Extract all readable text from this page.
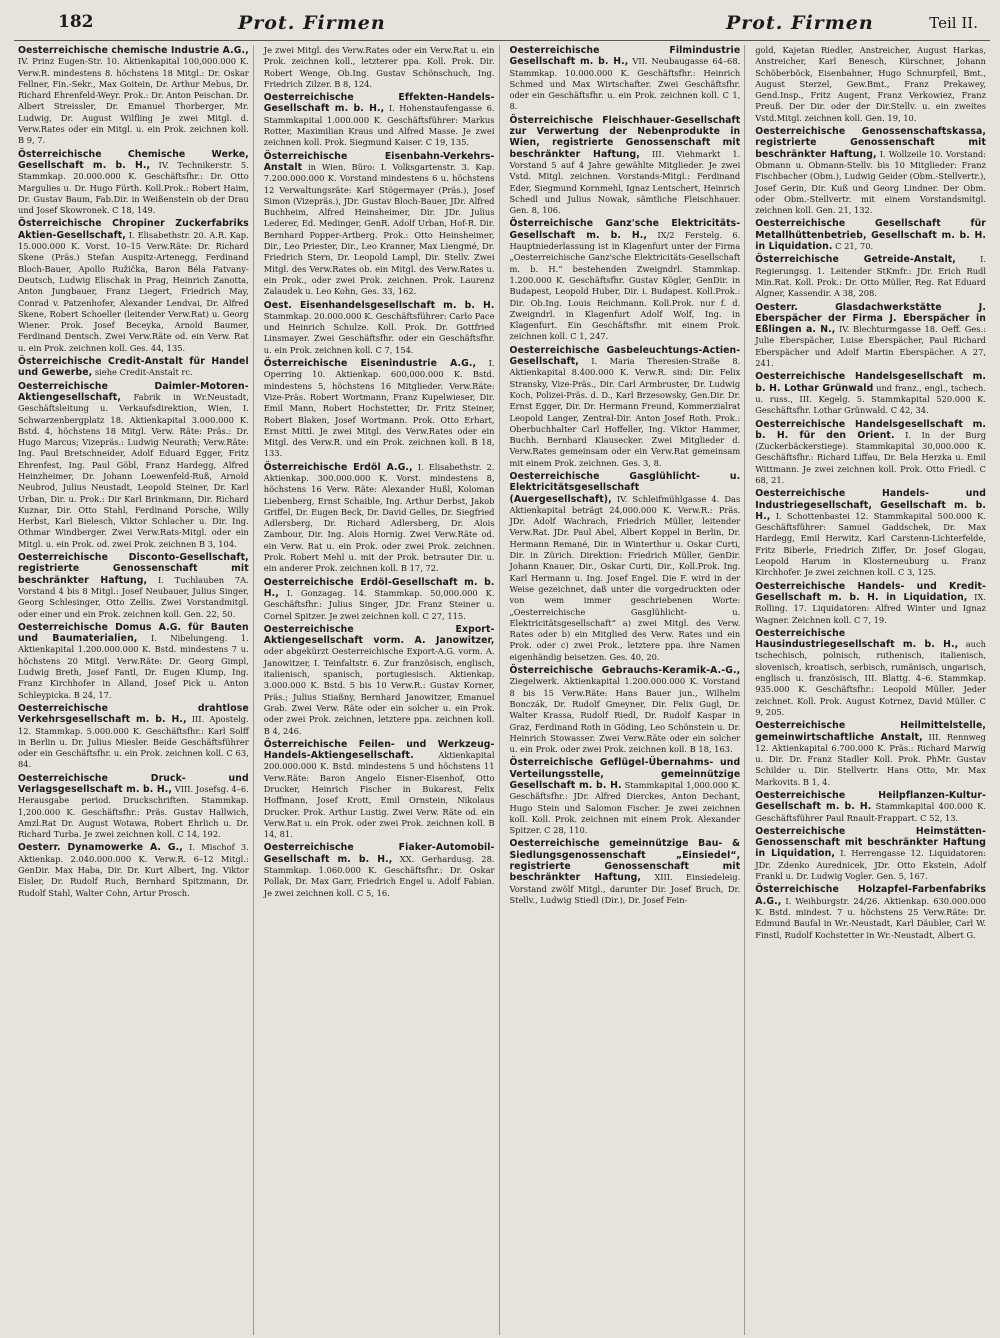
182	Prot. Firmen	Prot. Firmen	Teil II.
Oesterreichische chemische Industrie A.G., IV. Prinz Eugen-Str. 10. Aktienkapital 100,000.000 K. Verw.R. mindestens 8. höchstens 18 Mitgl.: Dr. Oskar Fellner, Fin.-Sekr., Max Goitein, Dr. Arthur Mebus, Dr. Richard Ehrenfeld-Weyr. Prok.: Dr. Anton Peischan. Dr. Albert Streissler, Dr. Emanuel Thorberger, Mr. Ludwig, Dr. August Wilfling Je zwei Mitgl. d. Verw.Rates oder ein Mitgl. u. ein Prok. zeichnen koll. B 9, 7.
Österreichische Chemische Werke, Gesellschaft m. b. H., IV. Technikerstr. 5. Stammkap. 20.000.000 K. Geschäftsfhr.: Dr. Otto Margulies u. Dr. Hugo Fürth. Koll.Prok.: Robert Haim, Dr. Gustav Baum, Fab.Dir. in Weißenstein ob der Drau und Josef Skowronek. C 18, 149.
Österreichische Chropiner Zuckerfabriks Aktien-Gesellschaft, I. Elisabethstr. 20. A.R. Kap. 15.000.000 K. Vorst. 10–15 Verw.Räte: Dr. Richard Skene (Präs.) Stefan Auspitz-Artenegg, Ferdinand Bloch-Bauer, Apollo Ružička, Baron Béla Fatvany-Deutsch, Ludwig Elischak in Prag, Heinrich Zanotta, Anton Jungbauer, Franz Liegert, Friedrich May, Conrad v. Patzenhofer, Alexander Lendvai, Dr. Alfred Skene, Robert Schoeller (leitender Verw.Rat) u. Georg Wiener. Prok. Josef Beceyka, Arnold Baumer, Ferdinand Dentsch. Zwei Verw.Räte od. ein Verw. Rat u. ein Prok. zeichnen koll. Ges. 44, 135.
Österreichische Credit-Anstalt für Handel und Gewerbe, siehe Credit-Anstalt rc.
Oesterreichische Daimler-Motoren-Aktiengesellschaft, Fabrik in Wr.Neustadt, Geschäftsleitung u. Verkaufsdirektion, Wien, I. Schwarzenbergplatz 18. Aktienkapital 3.000.000 K. Bstd. 4, höchstens 18 Mitgl. Verw. Räte: Präs.: Dr. Hugo Marcus; Vizepräs.: Ludwig Neurath; Verw.Räte: Ing. Paul Bretschneider, Adolf Eduard Egger, Fritz Ehrenfest, Ing. Paul Göbl, Franz Hardegg, Alfred Heinzheimer, Dr. Johann Loewenfeld-Ruß, Arnold Neubrod, Julius Neustadt, Leopold Steiner, Dr. Karl Urban, Dir. u. Prok.: Dir Karl Brinkmann, Dir. Richard Kuznar, Dir. Otto Stahl, Ferdinand Porsche, Willy Herbst, Karl Bielesch, Viktor Schlacher u. Dir. Ing. Othmar Windberger. Zwei Verw.Rats-Mitgl. oder ein Mitgl. u. ein Prok. od. zwei Prok. zeichnen B 3, 104.
Oesterreichische Disconto-Gesellschaft, registrierte Genossenschaft mit beschränkter Haftung, I. Tuchlauben 7A. Vorstand 4 bis 8 Mitgl.: Josef Neubauer, Julius Singer, Georg Schlesinger, Otto Zellis. Zwei Vorstandmitgl. oder einer und ein Prok. zeichnen koll. Gen. 22, 50.
Oesterreichische Domus A.G. für Bauten und Baumaterialien, I. Nibelungeng. 1. Aktienkapital 1.200.000.000 K. Bstd. mindestens 7 u. höchstens 20 Mitgl. Verw.Räte: Dr. Georg Gimpl, Ludwig Breth, Josef Fantl, Dr. Eugen Klump, Ing. Franz Kirchhofer in Alland, Josef Pick u. Anton Schleypicka. B 24, 17.
Oesterreichische drahtlose Verkehrsgesellschaft m. b. H., III. Apostelg. 12. Stammkap. 5.000.000 K. Geschäftsfhr.: Karl Solff in Berlin u. Dr. Julius Miesler. Beide Geschäftsführer oder ein Geschäftsfhr. u. ein Prok. zeichnen koll. C 63, 84.
Oesterreichische Druck- und Verlagsgesellschaft m. b. H., VIII. Josefsg. 4–6. Herausgabe period. Druckschriften. Stammkap. 1,200.000 K. Geschäftsfhr.: Präs. Gustav Hallwich, Amzl.Rat Dr. August Wotawa, Robert Ehrlich u. Dr. Richard Turba. Je zwei zeichnen koll. C 14, 192.
Oesterr. Dynamowerke A. G., I. Mischof 3. Aktienkap. 2.040.000.000 K. Verw.R. 6–12 Mitgl.: GenDir. Max Haba, Dir. Dr. Kurt Albert, Ing. Viktor Eisler, Dr. Rudolf Ruch, Bernhard Spitzmann, Dr. Rudolf Stahl, Walter Cohn, Artur Prosch.
Je zwei Mitgl. des Verw.Rates oder ein Verw.Rat u. ein Prok. zeichnen koll., letzterer ppa. Koll. Prok. Dir. Robert Wenge, Ob.Ing. Gustav Schönschuch, Ing. Friedrich Zilzer. B 8, 124.
Oesterreichische Effekten-Handels-Gesellschaft m. b. H., I. Hohenstaufengasse 6. Stammkapital 1.000.000 K. Geschäftsführer: Markus Rotter, Maximilian Kraus und Alfred Masse. Je zwei zeichnen koll. Prok. Siegmund Kaiser. C 19, 135.
Österreichische Eisenbahn-Verkehrs-Anstalt in Wien. Büro: I. Volksgartenstr. 3. Kap. 7.200.000.000 K. Vorstand mindestens 6 u. höchstens 12 Verwaltungsräte: Karl Stögermayer (Präs.), Josef Simon (Vizepräs.), JDr. Gustav Bloch-Bauer, JDr. Alfred Buchheim, Alfred Heinsheimer, Dir. JDr. Julius Lederer, Ed. Medinger, GenR. Adolf Urban, Hof-R. Dir. Bernhard Popper-Artberg. Prok.: Otto Heinsheimer, Dir., Leo Priester, Dir., Leo Kranner, Max Liengmé, Dr. Friedrich Stern, Dr. Leopold Lampl, Dir. Stellv. Zwei Mitgl. des Verw.Rates ob. ein Mitgl. des Verw.Rates u. ein Prok., oder zwei Prok. zeichnen. Prok. Laurenz Zalaudek u. Leo Kohn, Ges. 33, 162.
Oest. Eisenhandelsgesellschaft m. b. H. Stammkap. 20.000.000 K. Geschäftsführer: Carlo Pace und Heinrich Schulze. Koll. Prok. Dr. Gottfried Linsmayer. Zwei Geschäftsfhr. oder ein Geschäftsfhr. u. ein Prok. zeichnen koll. C 7, 154.
Österreichische Eisenindustrie A.G., I. Operring 10. Aktienkap. 600,000.000 K. Bstd. mindestens 5, höchstens 16 Mitglieder. Verw.Räte: Vize-Präs. Robert Wortmann, Franz Kupelwieser, Dir. Emil Mann, Robert Hochstetter, Dr. Fritz Steiner, Robert Blaken, Josef Wortmann. Prok. Otto Erhart, Ernst Mittl. Je zwei Mitgl. des Verw.Rates oder ein Mitgl. des Verw.R. und ein Prok. zeichnen koll. B 18, 133.
Österreichische Erdöl A.G., I. Elisabethstr. 2. Aktienkap. 300.000.000 K. Vorst. mindestens 8, höchstens 16 Verw. Räte: Alexander Hußl, Koloman Liebenberg, Ernst Schaible, Ing. Arthur Derbst, Jakob Griffel, Dr. Eugen Beck, Dr. David Gelles, Dr. Siegfried Adlersberg, Dr. Richard Adlersberg, Dr. Alois Zambour, Dir. Ing. Alois Hornig. Zwei Verw.Räte od. ein Verw. Rat u. ein Prok. oder zwei Prok. zeichnen. Prok. Robert Mehl u. mit der Prok. betrauter Dir. u. ein anderer Prok. zeichnen koll. B 17, 72.
Oesterreichische Erdöl-Gesellschaft m. b. H., I. Gonzagag. 14. Stammkap. 50,000.000 K. Geschäftsfhr.: Julius Singer, JDr. Franz Steiner u. Cornel Spitzer. Je zwei zeichnen koll. C 27, 115.
Oesterreichische Export-Aktiengesellschaft vorm. A. Janowitzer, oder abgekürzt Oesterreichische Export-A.G. vorm. A. Janowitzer, I. Teinfaltstr. 6. Zur französisch, englisch, italienisch, spanisch, portugiesisch. Aktienkap. 3.000.000 K. Bstd. 5 bis 10 Verw.R.: Gustav Korner, Präs.; Julius Stiaßny, Bernhard Janowitzer, Emanuel Grab. Zwei Verw. Räte oder ein solcher u. ein Prok. oder zwei Prok. zeichnen, letztere ppa. zeichnen koll. B 4, 246.
Österreichische Feilen- und Werkzeug-Handels-Aktiengesellschaft.	Aktienkapital 200.000.000 K. Bstd. mindestens 5 und höchstens 11 Verw.Räte: Baron Angelo Eisner-Eisenhof, Otto Drucker, Heinrich Fischer in Bukarest, Felix Hoffmann, Josef Krott, Emil Ornstein, Nikolaus Drucker. Prok. Arthur Lustig. Zwei Verw. Räte od. ein Verw.Rat u. ein Prok. oder zwei Prok. zeichnen koll. B 14, 81.
Oesterreichische Fiaker-Automobil-Gesellschaft m. b. H., XX. Gerhardusg. 28. Stammkap. 1.060.000 K. Geschäftsfhr.: Dr. Oskar Pollak, Dr. Max Garr, Friedrich Engel u. Adolf Fabian. Je zwei zeichnen koll. C 5, 16.
Oesterreichische Filmindustrie Gesellschaft m. b. H., VII. Neubaugasse 64–68. Stammkap. 10.000.000 K. Geschäftsfhr.: Heinrich Schmed und Max Wirtschafter. Zwei Geschäftsfhr. oder ein Geschäftsfhr. u. ein Prok. zeichnen koll. C 1, 8.
Österreichische Fleischhauer-Gesellschaft zur Verwertung der Nebenprodukte in Wien, registrierte Genossenschaft mit beschränkter Haftung, III. Viehmarkt 1. Vorstand 5 auf 4 Jahre gewählte Mitglieder. Je zwei Vstd. Mitgl. zeichnen. Vorstands-Mitgl.: Ferdinand Eder, Siegmund Kornmehl, Ignaz Lentschert, Heinrich Schedl und Julius Nowak, sämtliche Fleischhauer. Gen. 8, 106.
Österreichische Ganz'sche Elektricitäts-Gesellschaft m. b. H., IX/2 Ferstelg. 6. Hauptniederlassung ist in Klagenfurt unter der Firma „Oesterreichische Ganz'sche Elektricitäts-Gesellschaft m. b. H.“ bestehenden Zweigndrl. Stammkap. 1.200.000 K. Geschäftsfhr. Gustav Kögler, GenDir. in Budapest, Leopold Huber, Dir. i. Budapest. Koll.Prok.: Dir. Ob.Ing. Louis Reichmann. Koll.Prok. nur f. d. Zweigndrl. in Klagenfurt Adolf Wolf, Ing. in Klagenfurt. Ein Geschäftsfhr. mit einem Prok. zeichnen koll. C 1, 247.
Oesterreichische Gasbeleuchtungs-Actien-Gesellschaft, I. Maria Theresien-Straße 8. Aktienkapital 8.400.000 K. Verw.R. sind: Dir. Felix Stransky, Vize-Präs., Dir. Carl Armbruster, Dr. Ludwig Koch, Polizei-Präs. d. D., Karl Brzesowsky, Gen.Dir. Dr. Ernst Egger, Dir. Dr. Hermann Freund, Kommerzialrat Leopold Langer, Zentral-Dir. Anton Josef Roth. Prok.: Oberbuchhalter Carl Hoffeller, Ing. Viktor Hammer, Buchh. Bernhard Klausecker. Zwei Mitglieder d. Verw.Rates gemeinsam oder ein Verw.Rat gemeinsam mit einem Prok. zeichnen. Ges. 3, 8.
Oesterreichische Gasglühlicht- u. Elektricitätsgesellschaft (Auergesellschaft), IV. Schleifmühlgasse 4. Das Aktienkapital beträgt 24,000.000 K. Verw.R.: Präs. JDr. Adolf Wachrach, Friedrich Müller, leitender Verw.Rat. JDr. Paul Abel, Albert Koppel in Berlin, Dr. Hermann Remané, Dir. in Winterthur u. Oskar Curti, Dir. in Zürich. Direktion: Friedrich Müller, GenDir. Johann Knauer, Dir., Oskar Curti, Dir., Koll.Prok. Ing. Karl Hermann u. Ing. Josef Engel. Die F. wird in der Weise gezeichnet, daß unter die vorgedruckten oder von wem immer geschriebenen Worte: „Oesterreichische Gasglühlicht- u. Elektricitätsgesellschaft“ a) zwei Mitgl. des Verw. Rates oder b) ein Mitglied des Verw. Rates und ein Prok. oder c) zwei Prok., letztere ppa. ihre Namen eigenhändig beisetzen. Ges. 40, 20.
Österreichische Gebrauchs-Keramik-A.-G., Ziegelwerk. Aktienkapital 1.200.000.000 K. Vorstand 8 bis 15 Verw.Räte: Hans Bauer jun., Wilhelm Bonczák, Dr. Rudolf Gmeyner, Dir. Felix Gugl, Dr. Walter Krassa, Rudolf Riedl, Dr. Rudolf Kaspar in Graz, Ferdinand Roth in Göding, Leo Schönstein u. Dr. Heinrich Stowasser. Zwei Verw.Räte oder ein solcher u. ein Prok. oder zwei Prok. zeichnen koll. B 18, 163.
Österreichische Geflügel-Übernahms- und Verteilungsstelle, gemeinnützige Gesellschaft m. b. H. Stammkapital 1,000.000 K. Geschäftsfhr.: JDr. Alfred Dierckes, Anton Dechant, Hugo Stein und Salomon Fischer. Je zwei zeichnen koll. Koll. Prok. zeichnen mit einem Prok. Alexander Spitzer. C 28, 110.
Oesterreichische gemeinnützige Bau- & Siedlungsgenossenschaft „Einsiedel“, registrierte Genossenschaft mit beschränkter Haftung, XIII. Einsiedeleig. Vorstand zwölf Mitgl., darunter Dir. Josef Bruch, Dr. Stellv., Ludwig Stiedl (Dir.), Dr. Josef Fein-
gold, Kajetan Riedler, Anstreicher, August Harkas, Anstreicher, Karl Benesch, Kürschner, Johann Schöberböck, Eisenbahner, Hugo Schnurpfeil, Bmt., August Sterzel, Gew.Bmt., Franz Prekawey, Gend.Insp., Fritz Augent, Franz Verkowiez, Franz Preuß. Der Dir. oder der Dir.Stellv. u. ein zweites Vstd.Mitgl. zeichnen koll. Gen. 19, 10.
Oesterreichische Genossenschaftskassa, registrierte Genossenschaft mit beschränkter Haftung, I. Wollzeile 10. Vorstand: Obmann u. Obmann-Stellv. bis 10 Mitglieder: Franz Fischbacher (Obm.), Ludwig Geider (Obm.-Stellvertr.), Josef Gerin, Dir. Kuß und Georg Lindner. Der Obm. oder Obm.-Stellvertr. mit einem Vorstandsmitgl. zeichnen koll. Gen. 21, 132.
Oesterreichische Gesellschaft für Metallhüttenbetrieb, Gesellschaft m. b. H. in Liquidation. C 21, 70.
Österreichische Getreide-Anstalt,	I. Regierungsg. 1. Leitender StKmfr.: JDr. Erich Rudl Min.Rat. Koll. Prok.: Dr. Otto Müller, Reg. Rat Eduard Algner, Kassendir. A 38, 208.
Oesterr. Glasdachwerkstätte J. Eberspächer der Firma J. Eberspächer in Eßlingen a. N., IV. Blechturmgasse 18. Oeff. Ges.: Julie Eberspächer, Luise Eberspächer, Paul Richard Eberspächer und Adolf Martin Eberspächer. A 27, 241.
Oesterreichische Handelsgesellschaft m. b. H. Lothar Grünwald und franz., engl., tschech. u. russ., III. Kegelg. 5. Stammkapital 520.000 K. Geschäftsfhr. Lothar Grünwald. C 42, 34.
Oesterreichische Handelsgesellschaft m. b. H. für den Orient. I. In der Burg (Zuckerbäckerstiege). Stammkapital 30,000.000 K. Geschäftsfhr.: Richard Liffau, Dr. Bela Herzka u. Emil Wittmann. Je zwei zeichnen koll. Prok. Otto Friedl. C 68, 21.
Oesterreichische Handels- und Industriegesellschaft, Gesellschaft m. b. H., I. Schottenbastei 12. Stammkapital 500.000 K. Geschäftsführer: Samuel Gaddschek, Dr. Max Hardegg, Emil Herwitz, Karl Carstenn-Lichterfelde, Fritz Biberle, Friedrich Ziffer, Dr. Josef Glogau, Leopold Harum in Klosterneuburg u. Franz Kirchhofer. Je zwei zeichnen koll. C 3, 125.
Oesterreichische Handels- und Kredit-Gesellschaft m. b. H. in Liquidation, IX. Rolling. 17. Liquidatoren: Alfred Winter und Ignaz Wagner. Zeichnen koll. C 7, 19.
Oesterreichische Hausindustriegesellschaft m. b. H., auch tschechisch, polnisch, ruthenisch, italienisch, slovenisch, kroatisch, serbisch, rumänisch, ungarisch, englisch u. französisch, III. Blattg. 4–6. Stammkap. 935.000 K. Geschäftsfhr.: Leopold Müller. Jeder zeichnet. Koll. Prok. August Kotrnez, David Müller. C 9, 205.
Oesterreichische Heilmittelstelle, gemeinwirtschaftliche Anstalt, III. Rennweg 12. Aktienkapital 6.700.000 K. Präs.: Richard Marwig u. Dir. Dr. Franz Stadler Koll. Prok. PhMr. Gustav Schilder u. Dir. Stellvertr. Hans Otto, Mr. Max Markovits. B 1, 4.
Oesterreichische Heilpflanzen-Kultur-Gesellschaft m. b. H. Stammkapital 400.000 K. Geschäftsführer Paul Rnault-Frappart. C 52, 13.
Oesterreichische Heimstätten-Genossenschaft mit beschränkter Haftung in Liquidation, I. Herrengasse 12. Liquidatoren: JDr. Zdenko Aurednicek, JDr. Otto Ekstein, Adolf Frankl u. Dr. Ludwig Vogler. Gen. 5, 167.
Österreichische Holzapfel-Farbenfabriks A.G., I. Weihburgstr. 24/26. Aktienkap. 630.000.000 K. Bstd. mindest. 7 u. höchstens 25 Verw.Räte: Dr. Edmund Baufal in Wr.-Neustadt, Karl Däubler, Carl W. Finstl, Rudolf Kochstetter in Wr.-Neustadt, Albert G.
